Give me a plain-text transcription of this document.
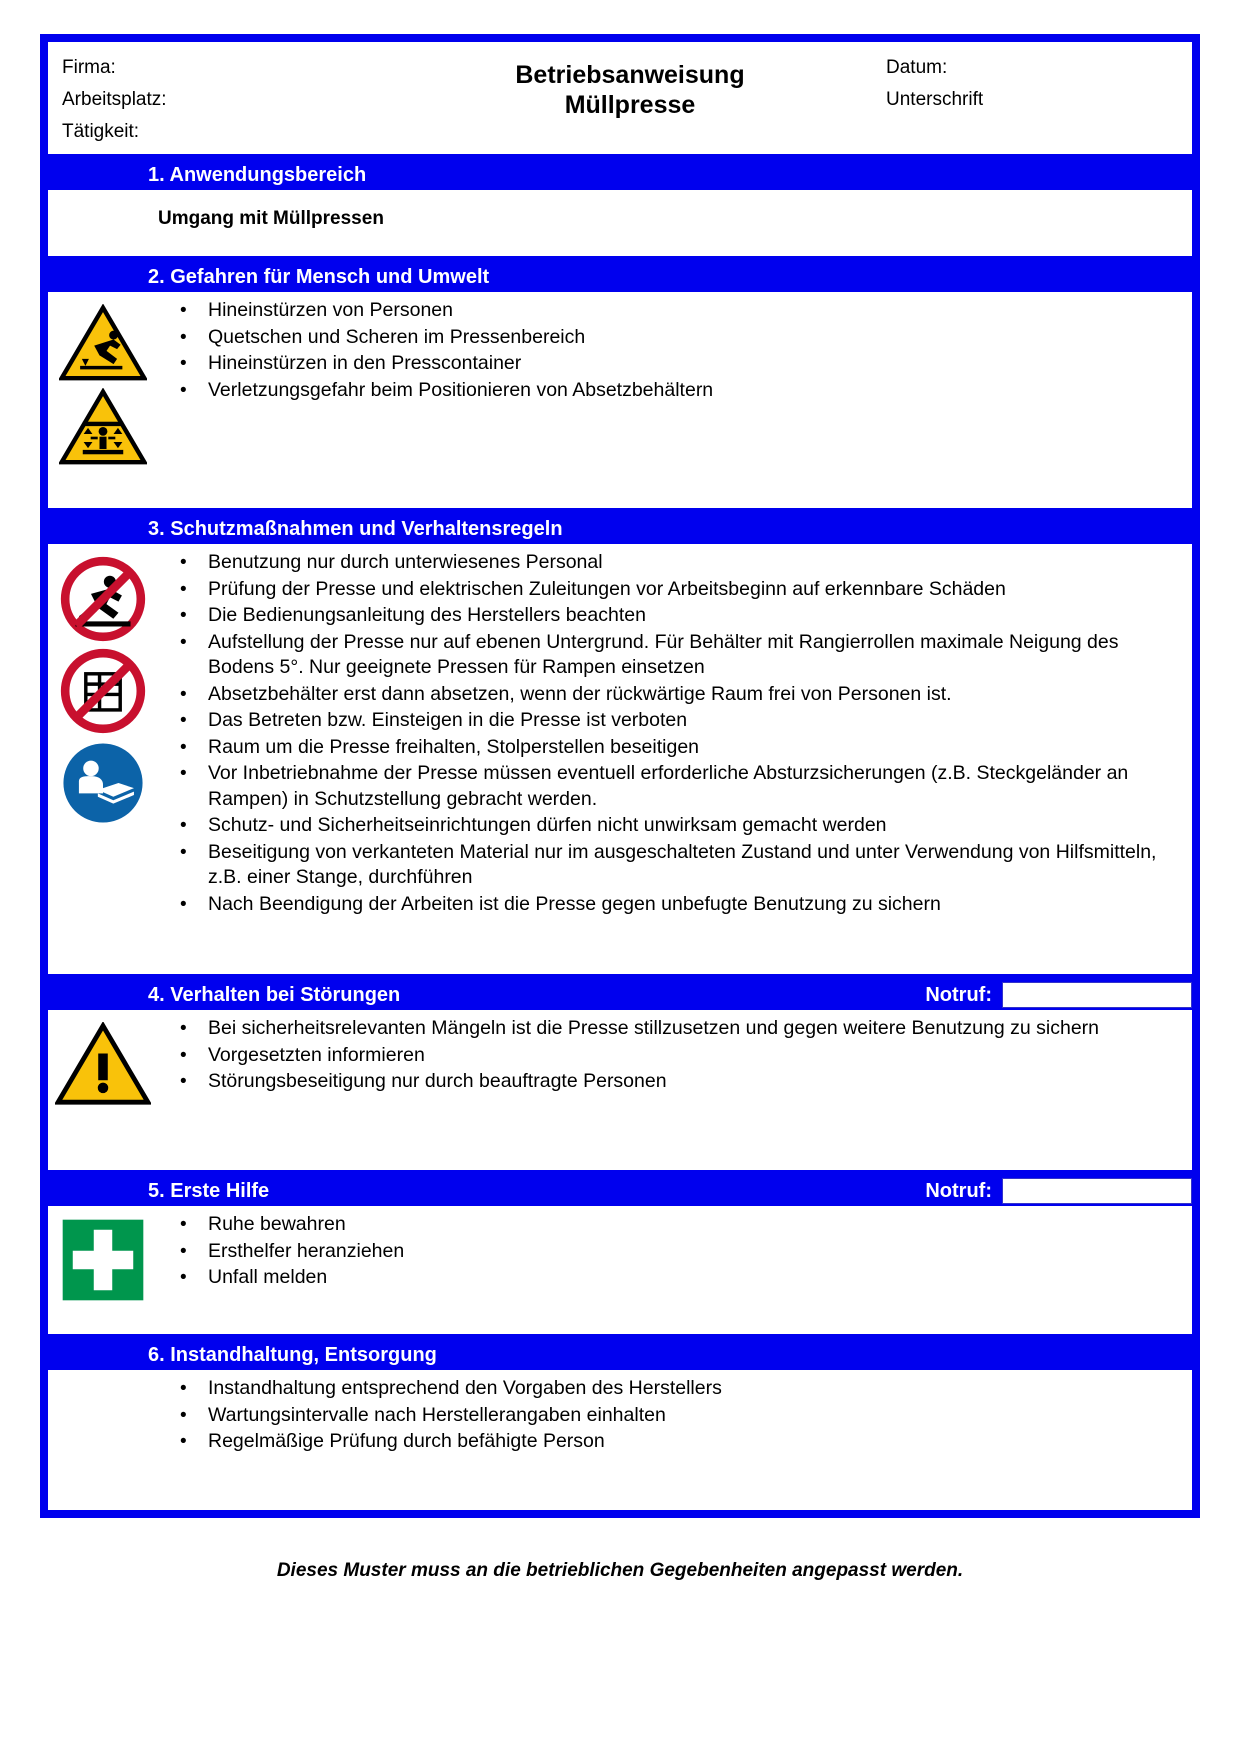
Firma:
Arbeitsplatz:
Tätigkeit:
Betriebsanweisung
Müllpresse
Datum:
Unterschrift
1. Anwendungsbereich
Umgang mit Müllpressen
2. Gefahren für Mensch und Umwelt
• Hineinstürzen von Personen
• Quetschen und Scheren im Pressenbereich
• Hineinstürzen in den Presscontainer
• Verletzungsgefahr beim Positionieren von Absetzbehältern
3. Schutzmaßnahmen und Verhaltensregeln
• Benutzung nur durch unterwiesenes Personal
• Prüfung der Presse und elektrischen Zuleitungen vor Arbeitsbeginn auf erkennbare Schäden
• Die Bedienungsanleitung des Herstellers beachten
• Aufstellung der Presse nur auf ebenen Untergrund. Für Behälter mit Rangierrollen maximale Neigung des Bodens 5°. Nur geeignete Pressen für Rampen einsetzen
• Absetzbehälter erst dann absetzen, wenn der rückwärtige Raum frei von Personen ist.
• Das Betreten bzw. Einsteigen in die Presse ist verboten
• Raum um die Presse freihalten, Stolperstellen beseitigen
• Vor Inbetriebnahme der Presse müssen eventuell erforderliche Absturzsicherungen (z.B. Steckgeländer an Rampen) in Schutzstellung gebracht werden.
• Schutz- und Sicherheitseinrichtungen dürfen nicht unwirksam gemacht werden
• Beseitigung von verkanteten Material nur im ausgeschalteten Zustand und unter Verwendung von Hilfsmitteln, z.B. einer Stange, durchführen
• Nach Beendigung der Arbeiten ist die Presse gegen unbefugte Benutzung zu sichern
4. Verhalten bei Störungen	Notruf:
• Bei sicherheitsrelevanten Mängeln ist die Presse stillzusetzen und gegen weitere Benutzung zu sichern
• Vorgesetzten informieren
• Störungsbeseitigung nur durch beauftragte Personen
5. Erste Hilfe	Notruf:
• Ruhe bewahren
• Ersthelfer heranziehen
• Unfall melden
6. Instandhaltung, Entsorgung
• Instandhaltung entsprechend den Vorgaben des Herstellers
• Wartungsintervalle nach Herstellerangaben einhalten
• Regelmäßige Prüfung durch befähigte Person
Dieses Muster muss an die betrieblichen Gegebenheiten angepasst werden.
